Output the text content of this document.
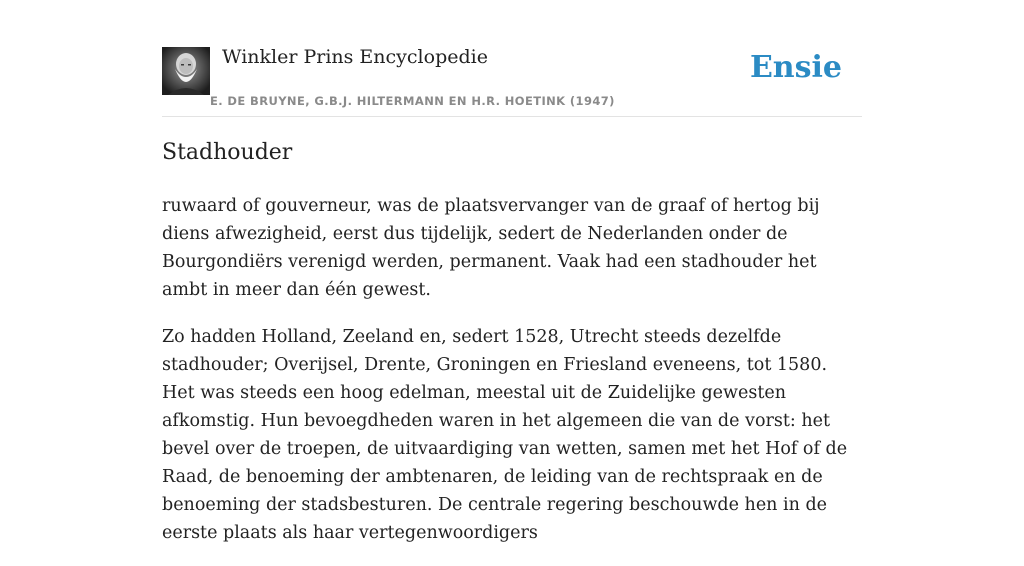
Winkler Prins Encyclopedie
E. DE BRUYNE, G.B.J. HILTERMANN EN H.R. HOETINK (1947)
Ensie
Stadhouder

ruwaard of gouverneur, was de plaatsvervanger van de graaf of hertog bij diens afwezigheid, eerst dus tijdelijk, sedert de Nederlanden onder de Bourgondiërs verenigd werden, permanent. Vaak had een stadhouder het ambt in meer dan één gewest.

Zo hadden Holland, Zeeland en, sedert 1528, Utrecht steeds dezelfde stadhouder; Overijsel, Drente, Groningen en Friesland eveneens, tot 1580. Het was steeds een hoog edelman, meestal uit de Zuidelijke gewesten afkomstig. Hun bevoegdheden waren in het algemeen die van de vorst: het bevel over de troepen, de uitvaardiging van wetten, samen met het Hof of de Raad, de benoeming der ambtenaren, de leiding van de rechtspraak en de benoeming der stadsbesturen. De centrale regering beschouwde hen in de eerste plaats als haar vertegenwoordigers
